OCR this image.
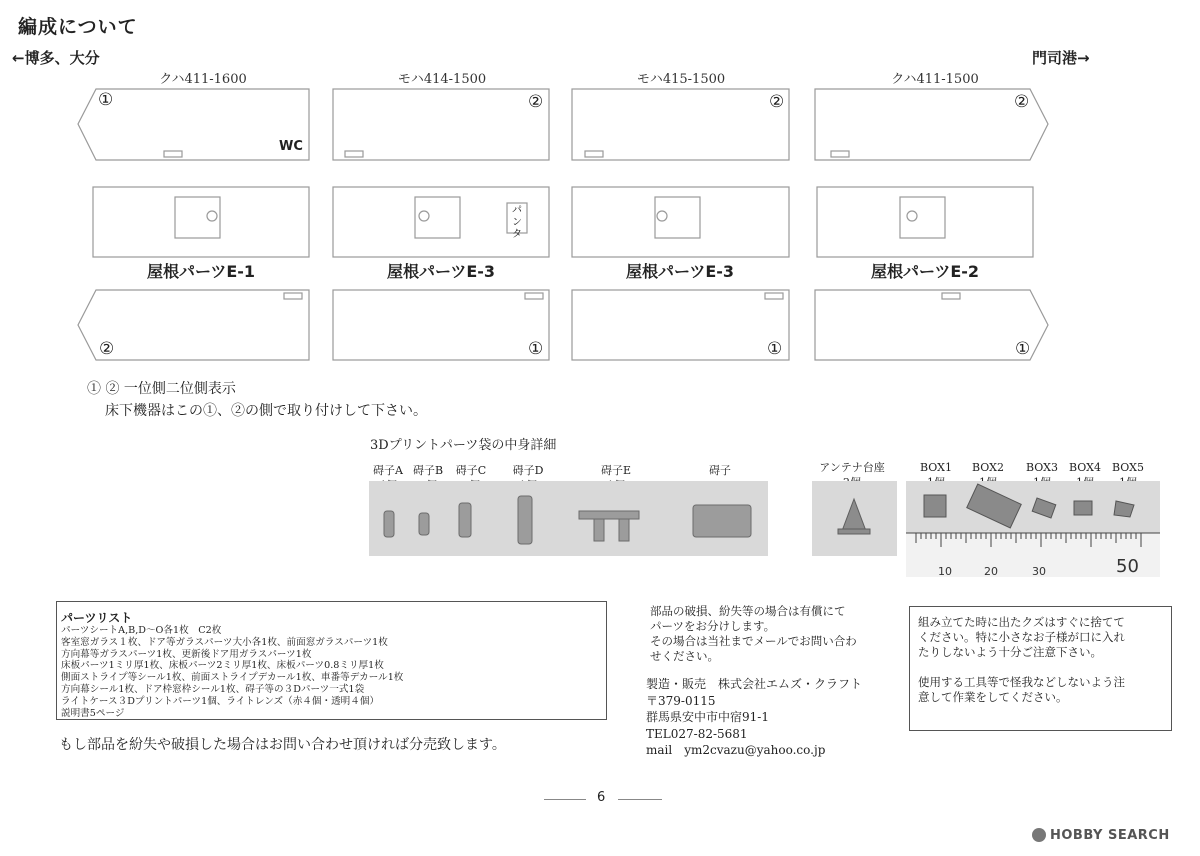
編成について
←博多、大分	門司港→
クハ411-1600	モハ414-1500	モハ415-1500	クハ411-1500
①	②	②	②
WC
パンタ
屋根パーツE-1	屋根パーツE-3	屋根パーツE-3	屋根パーツE-2
②	①	①	①
① ② 一位側二位側表示
床下機器はこの①、②の側で取り付けして下さい。
3Dプリントパーツ袋の中身詳細
碍子A 碍子B	碍子C	碍子D	碍子E	碍子	アンテナ台座	BOX1 BOX2 BOX3 BOX4 BOX5
10	20	30	50
パーツリスト
パーツシートA,B,D～O各1枚　C2枚
客室窓ガラス１枚、ドア等ガラスパーツ大小各1枚、前面窓ガラスパーツ1枚
方向幕等ガラスパーツ1枚、更新後ドア用ガラスパーツ1枚
床板パーツ1ミリ厚1枚、床板パーツ2ミリ厚1枚、床板パーツ0.8ミリ厚1枚
側面ストライプ等シール1枚、前面ストライプデカール1枚、車番等デカール1枚
方向幕シール1枚、ドア枠窓枠シール1枚、碍子等の３Dパーツ一式1袋
ライトケース３Dプリントパーツ1個、ライトレンズ（赤４個・透明４個）
説明書5ページ
もし部品を紛失や破損した場合はお問い合わせ頂ければ分売致します。
部品の破損、紛失等の場合は有償にて
パーツをお分けします。
その場合は当社までメールでお問い合わ
せください。
製造・販売　株式会社エムズ・クラフト
〒379-0115
群馬県安中市中宿91-1
TEL027-82-5681
mail　ym2cvazu@yahoo.co.jp
組み立てた時に出たクズはすぐに捨てて
ください。特に小さなお子様が口に入れ
たりしないよう十分ご注意下さい。
使用する工具等で怪我などしないよう注
意して作業をしてください。
6
HOBBY SEARCH
